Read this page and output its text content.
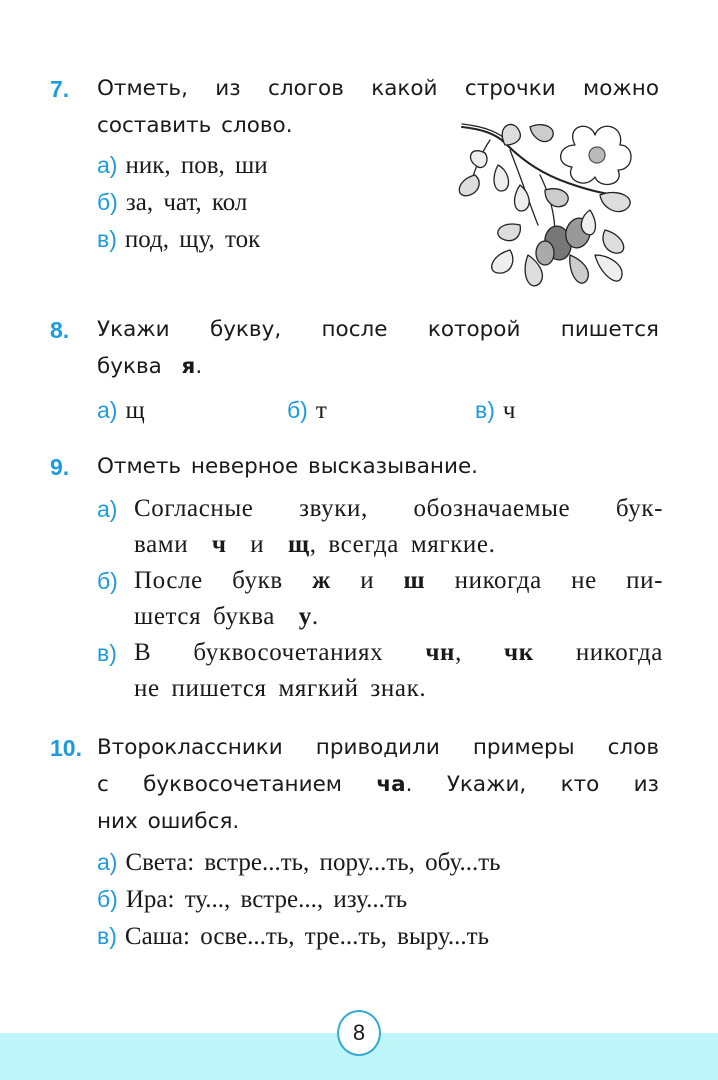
7. Отметь, из слогов какой строчки можно
составить слово.
а) ник, пов, ши
б) за, чат, кол
в) под, щу, ток
8. Укажи букву, после которой пишется
буква я.
а) щ	б) т	в) ч
9. Отметь неверное высказывание.
а) Согласные звуки, обозначаемые бук-
вами ч и щ, всегда мягкие.
б) После букв ж и ш никогда не пи-
шется буква у.
в) В буквосочетаниях чн, чк никогда
не пишется мягкий знак.
10. Второклассники приводили примеры слов
с буквосочетанием ча. Укажи, кто из
них ошибся.
а) Света: встре...ть, пору...ть, обу...ть
б) Ира: ту..., встре..., изу...ть
в) Саша: осве...ть, тре...ть, выру...ть
8
